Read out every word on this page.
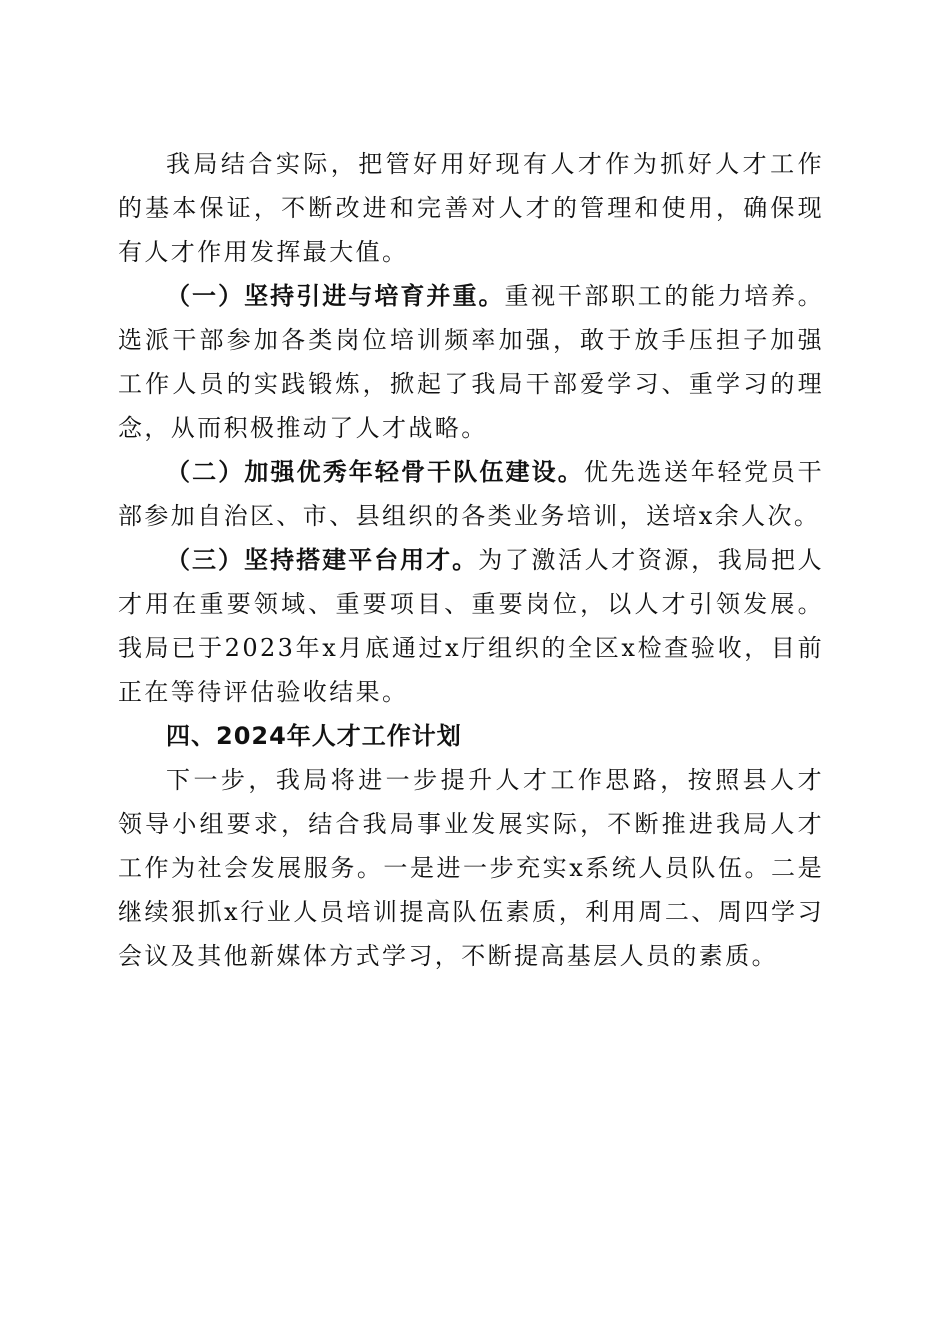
我局结合实际，把管好用好现有人才作为抓好人才工作的基本保证，不断改进和完善对人才的管理和使用，确保现有人才作用发挥最大值。

（一）坚持引进与培育并重。重视干部职工的能力培养。选派干部参加各类岗位培训频率加强，敢于放手压担子加强工作人员的实践锻炼，掀起了我局干部爱学习、重学习的理念，从而积极推动了人才战略。

（二）加强优秀年轻骨干队伍建设。优先选送年轻党员干部参加自治区、市、县组织的各类业务培训，送培x余人次。

（三）坚持搭建平台用才。为了激活人才资源，我局把人才用在重要领域、重要项目、重要岗位，以人才引领发展。我局已于2023年x月底通过x厅组织的全区x检查验收，目前正在等待评估验收结果。

四、2024年人才工作计划

下一步，我局将进一步提升人才工作思路，按照县人才领导小组要求，结合我局事业发展实际，不断推进我局人才工作为社会发展服务。一是进一步充实x系统人员队伍。二是继续狠抓x行业人员培训提高队伍素质，利用周二、周四学习会议及其他新媒体方式学习，不断提高基层人员的素质。
